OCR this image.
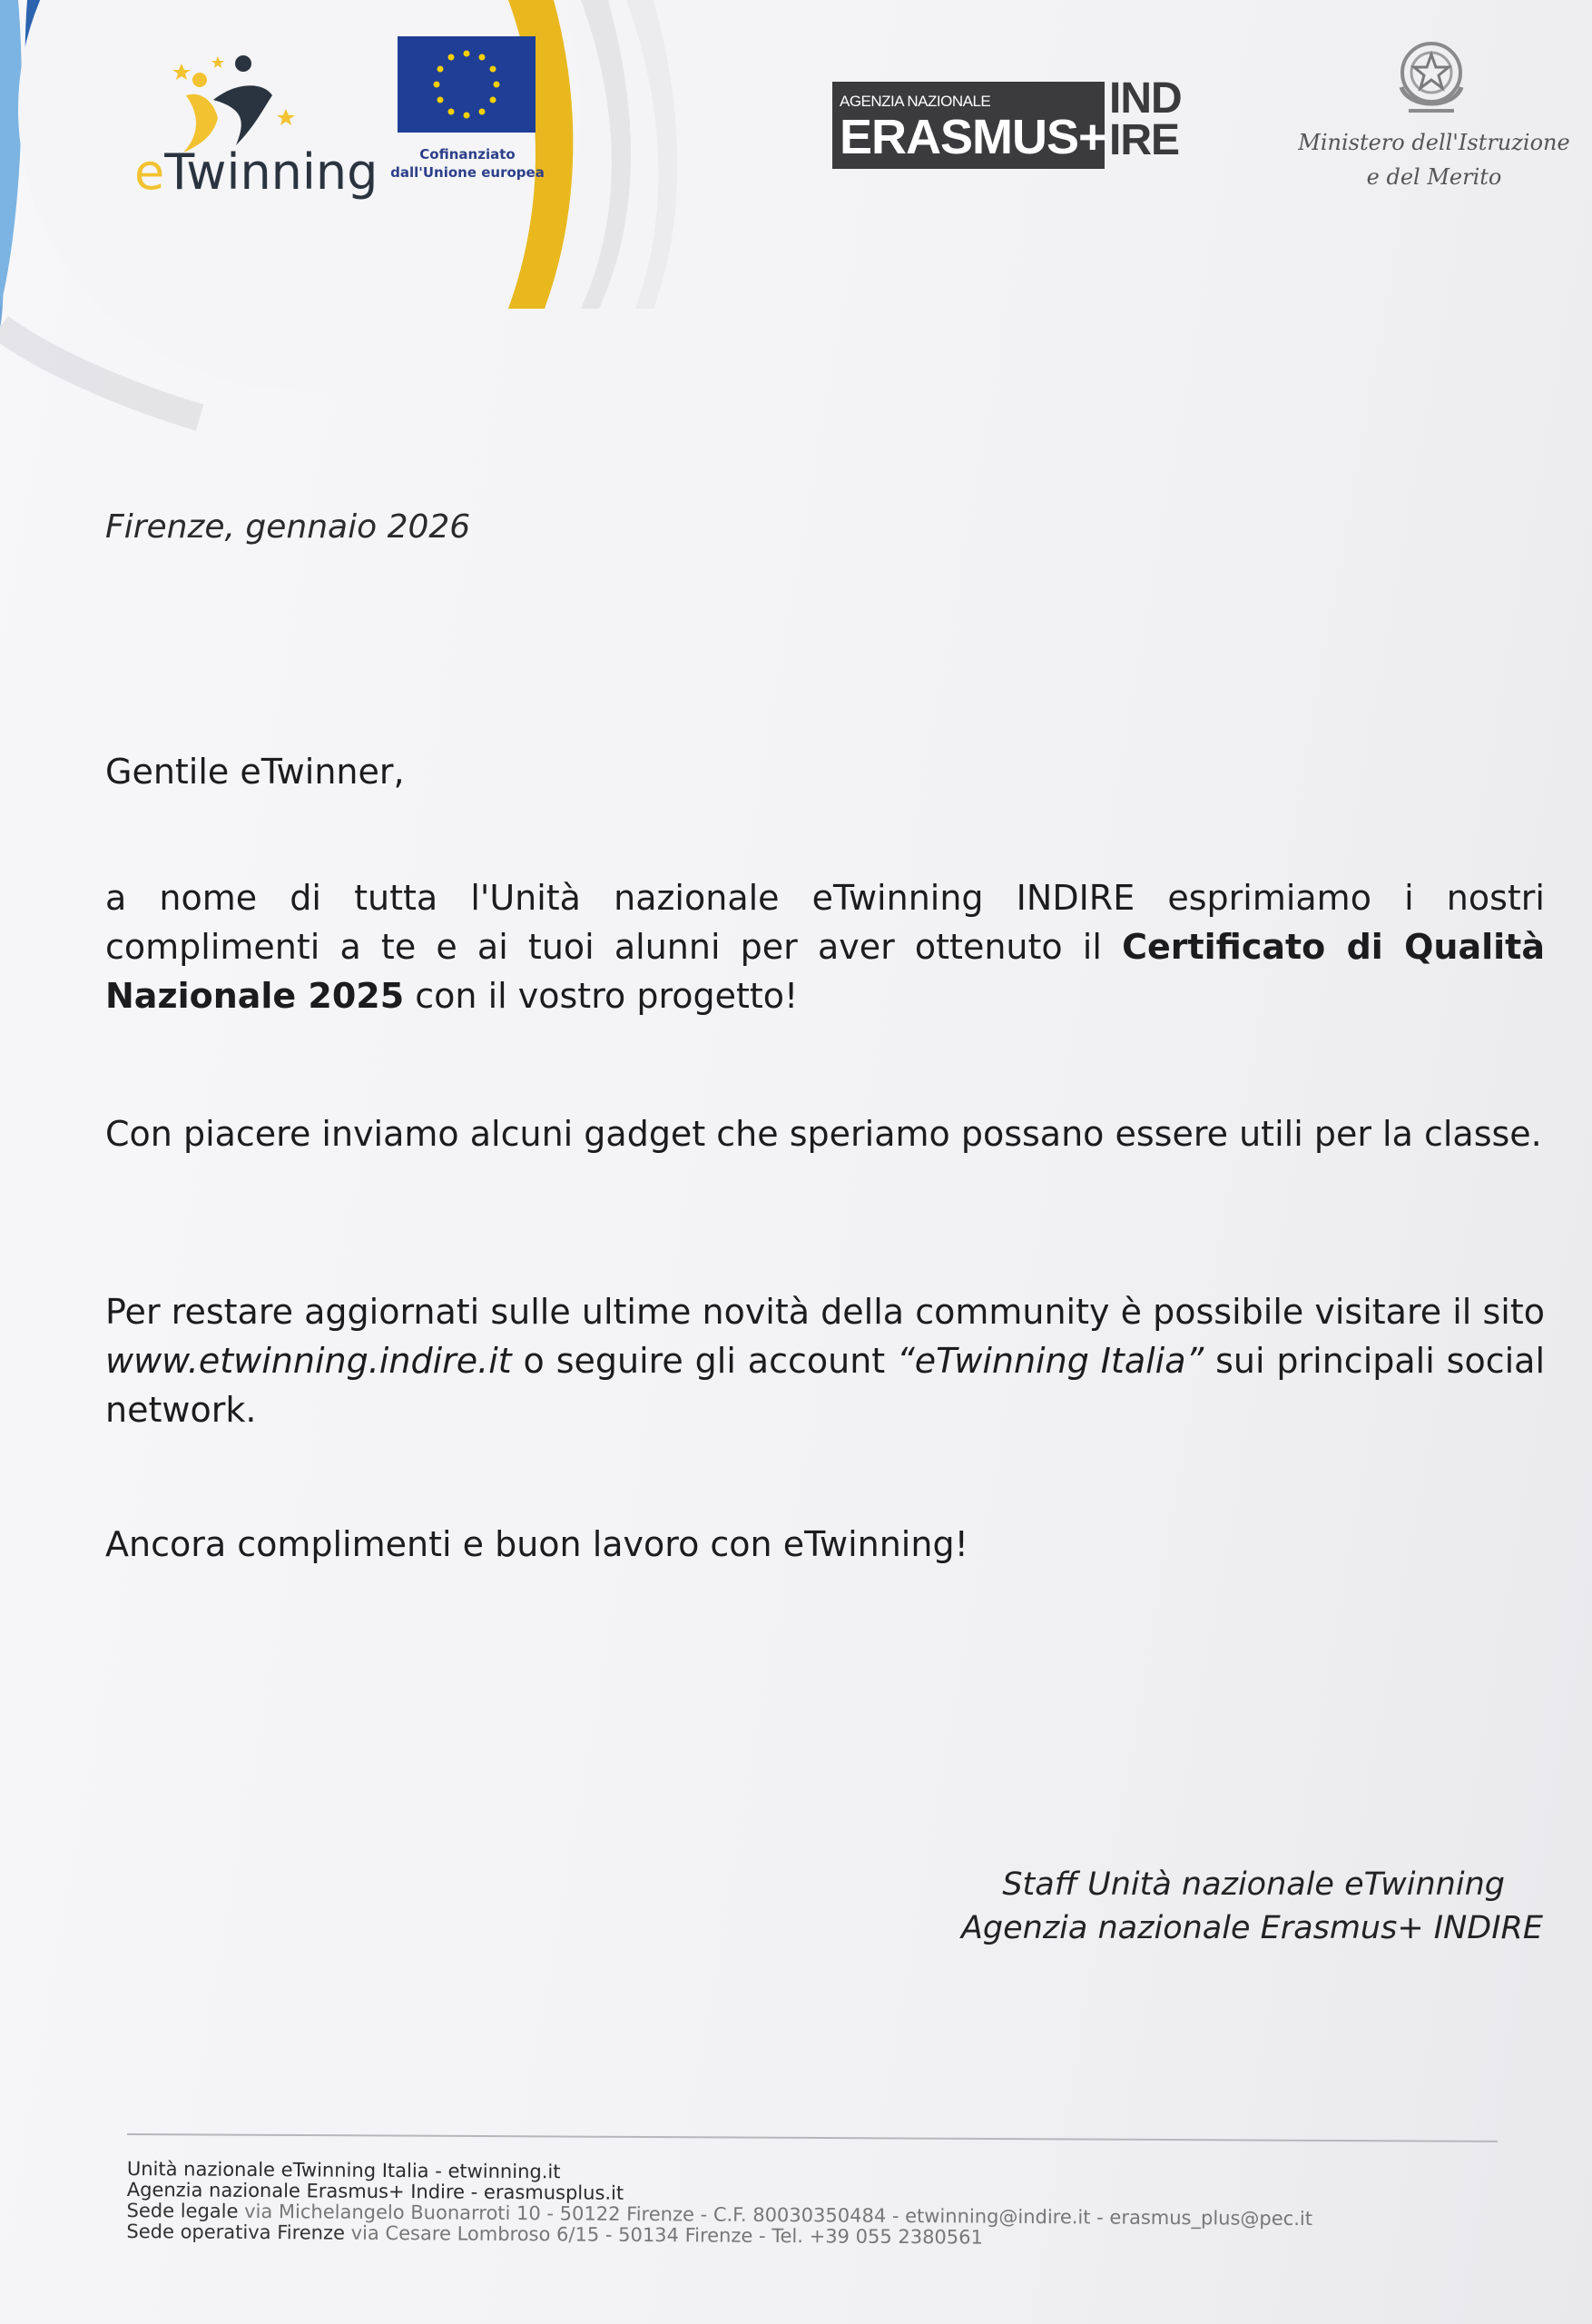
eTwinning	Cofinanziato
dall'Unione europea
AGENZIA NAZIONALE
ERASMUS+
IND
IRE	Ministero dell'Istruzione
e del Merito
Firenze, gennaio 2026
Gentile eTwinner,

a nome di tutta l'Unità nazionale eTwinning INDIRE esprimiamo i nostri complimenti a te e ai tuoi alunni per aver ottenuto il Certificato di Qualità Nazionale 2025 con il vostro progetto!

Con piacere inviamo alcuni gadget che speriamo possano essere utili per la classe.

Per restare aggiornati sulle ultime novità della community è possibile visitare il sito www.etwinning.indire.it o seguire gli account “eTwinning Italia” sui principali social network.

Ancora complimenti e buon lavoro con eTwinning!

Staff Unità nazionale eTwinning
Agenzia nazionale Erasmus+ INDIRE
Unità nazionale eTwinning Italia - etwinning.it
Agenzia nazionale Erasmus+ Indire - erasmusplus.it
Sede legale via Michelangelo Buonarroti 10 - 50122 Firenze - C.F. 80030350484 - etwinning@indire.it - erasmus_plus@pec.it
Sede operativa Firenze via Cesare Lombroso 6/15 - 50134 Firenze - Tel. +39 055 2380561
